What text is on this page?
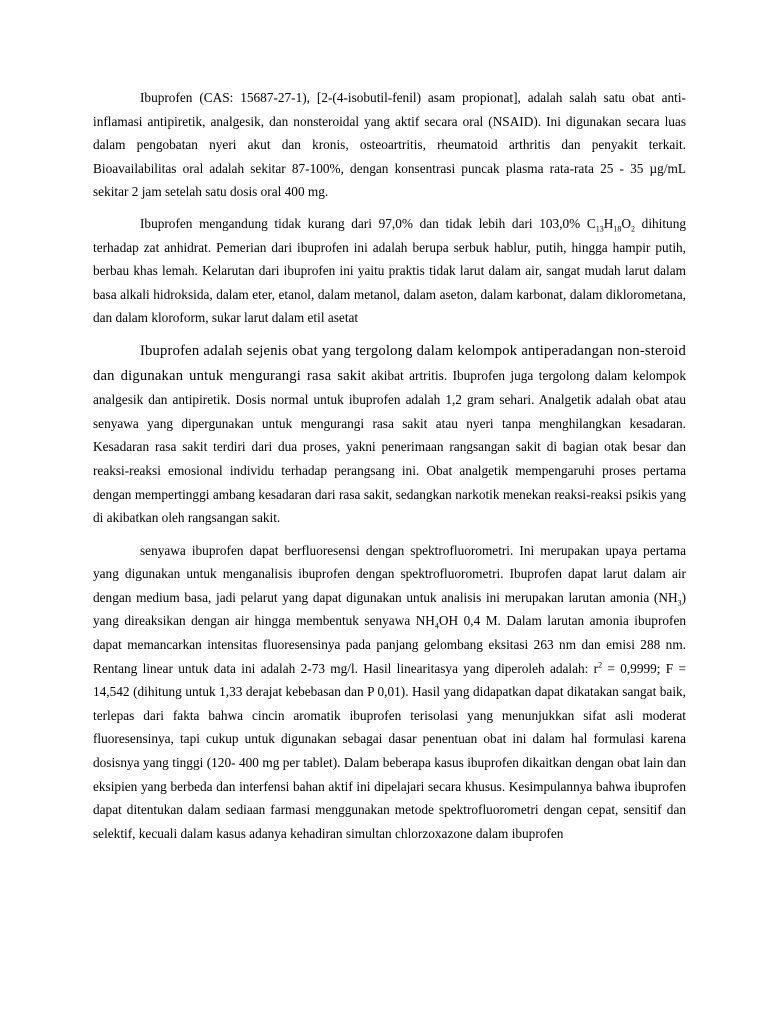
Ibuprofen (CAS: 15687-27-1), [2-(4-isobutil-fenil) asam propionat], adalah salah satu obat anti-inflamasi antipiretik, analgesik, dan nonsteroidal yang aktif secara oral (NSAID). Ini digunakan secara luas dalam pengobatan nyeri akut dan kronis, osteoartritis, rheumatoid arthritis dan penyakit terkait. Bioavailabilitas oral adalah sekitar 87-100%, dengan konsentrasi puncak plasma rata-rata 25 - 35 µg/mL sekitar 2 jam setelah satu dosis oral 400 mg.

Ibuprofen mengandung tidak kurang dari 97,0% dan tidak lebih dari 103,0% $C_{13}H_{18}O_2$ dihitung terhadap zat anhidrat. Pemerian dari ibuprofen ini adalah berupa serbuk hablur, putih, hingga hampir putih, berbau khas lemah. Kelarutan dari ibuprofen ini yaitu praktis tidak larut dalam air, sangat mudah larut dalam basa alkali hidroksida, dalam eter, etanol, dalam metanol, dalam aseton, dalam karbonat, dalam diklorometana, dan dalam kloroform, sukar larut dalam etil asetat

Ibuprofen adalah sejenis obat yang tergolong dalam kelompok antiperadangan non-steroid dan digunakan untuk mengurangi rasa sakit akibat artritis. Ibuprofen juga tergolong dalam kelompok analgesik dan antipiretik. Dosis normal untuk ibuprofen adalah 1,2 gram sehari. Analgetik adalah obat atau senyawa yang dipergunakan untuk mengurangi rasa sakit atau nyeri tanpa menghilangkan kesadaran. Kesadaran rasa sakit terdiri dari dua proses, yakni penerimaan rangsangan sakit di bagian otak besar dan reaksi-reaksi emosional individu terhadap perangsang ini. Obat analgetik mempengaruhi proses pertama dengan mempertinggi ambang kesadaran dari rasa sakit, sedangkan narkotik menekan reaksi-reaksi psikis yang di akibatkan oleh rangsangan sakit.

senyawa ibuprofen dapat berfluoresensi dengan spektrofluorometri. Ini merupakan upaya pertama yang digunakan untuk menganalisis ibuprofen dengan spektrofluorometri. Ibuprofen dapat larut dalam air dengan medium basa, jadi pelarut yang dapat digunakan untuk analisis ini merupakan larutan amonia $(NH_3)$ yang direaksikan dengan air hingga membentuk senyawa $NH_4OH$ 0,4 M. Dalam larutan amonia ibuprofen dapat memancarkan intensitas fluoresensinya pada panjang gelombang eksitasi 263 nm dan emisi 288 nm. Rentang linear untuk data ini adalah 2-73 mg/l. Hasil linearitasya yang diperoleh adalah: $r^2 = 0,9999$; F = 14,542 (dihitung untuk 1,33 derajat kebebasan dan P 0,01). Hasil yang didapatkan dapat dikatakan sangat baik, terlepas dari fakta bahwa cincin aromatik ibuprofen terisolasi yang menunjukkan sifat asli moderat fluoresensinya, tapi cukup untuk digunakan sebagai dasar penentuan obat ini dalam hal formulasi karena dosisnya yang tinggi (120- 400 mg per tablet). Dalam beberapa kasus ibuprofen dikaitkan dengan obat lain dan eksipien yang berbeda dan interfensi bahan aktif ini dipelajari secara khusus. Kesimpulannya bahwa ibuprofen dapat ditentukan dalam sediaan farmasi menggunakan metode spektrofluorometri dengan cepat, sensitif dan selektif, kecuali dalam kasus adanya kehadiran simultan chlorzoxazone dalam ibuprofen
